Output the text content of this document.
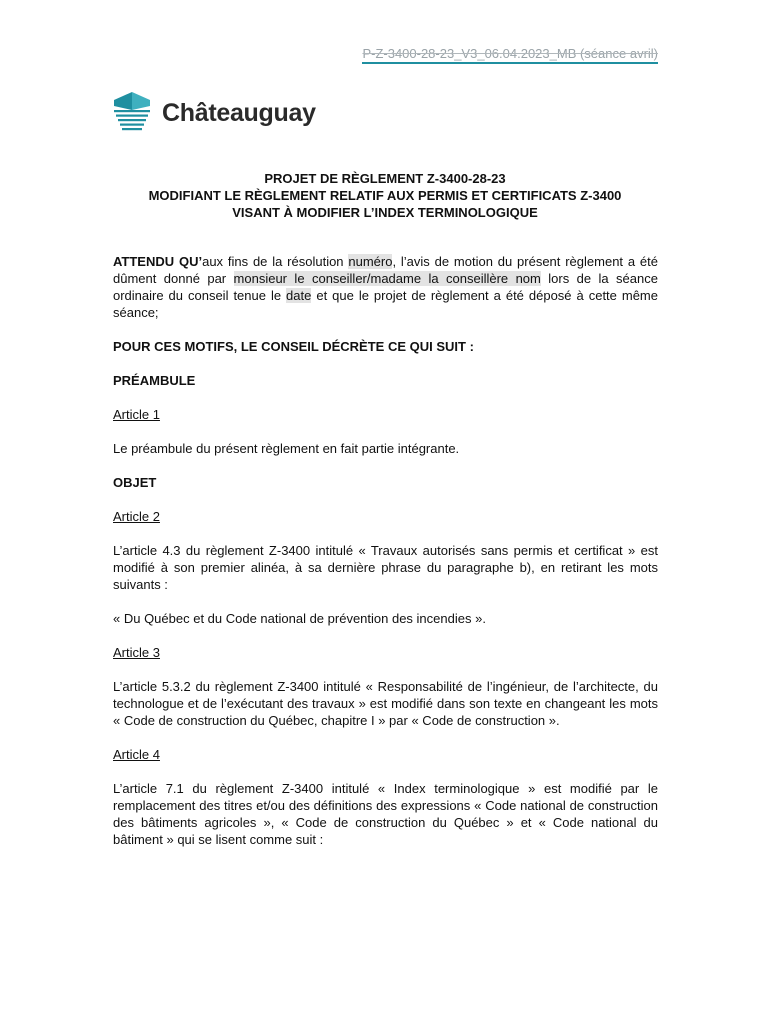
P-Z-3400-28-23_V3_06.04.2023_MB (séance avril)
Châteauguay
PROJET DE RÈGLEMENT Z-3400-28-23
MODIFIANT LE RÈGLEMENT RELATIF AUX PERMIS ET CERTIFICATS Z-3400
VISANT À MODIFIER L’INDEX TERMINOLOGIQUE

ATTENDU QU’aux fins de la résolution numéro, l’avis de motion du présent règlement a été dûment donné par monsieur le conseiller/madame la conseillère nom lors de la séance ordinaire du conseil tenue le date et que le projet de règlement a été déposé à cette même séance;

POUR CES MOTIFS, LE CONSEIL DÉCRÈTE CE QUI SUIT :

PRÉAMBULE

Article 1

Le préambule du présent règlement en fait partie intégrante.

OBJET

Article 2

L’article 4.3 du règlement Z-3400 intitulé « Travaux autorisés sans permis et certificat » est modifié à son premier alinéa, à sa dernière phrase du paragraphe b), en retirant les mots suivants :

« Du Québec et du Code national de prévention des incendies ».

Article 3

L’article 5.3.2 du règlement Z-3400 intitulé « Responsabilité de l’ingénieur, de l’architecte, du technologue et de l’exécutant des travaux » est modifié dans son texte en changeant les mots « Code de construction du Québec, chapitre I » par « Code de construction ».

Article 4

L’article 7.1 du règlement Z-3400 intitulé « Index terminologique » est modifié par le remplacement des titres et/ou des définitions des expressions « Code national de construction des bâtiments agricoles », « Code de construction du Québec » et « Code national du bâtiment » qui se lisent comme suit :
